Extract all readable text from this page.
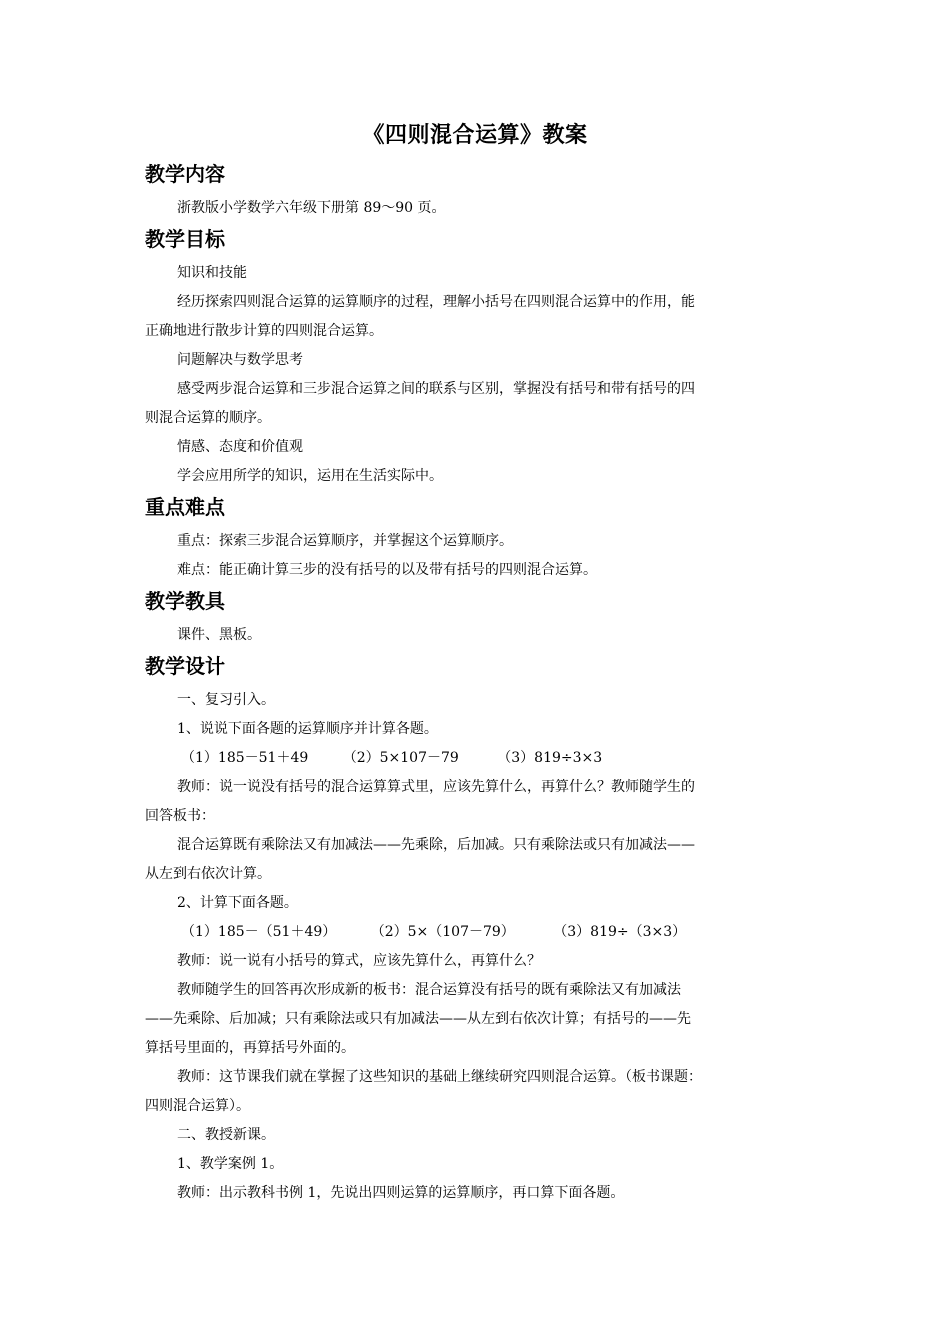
《四则混合运算》教案
教学内容
浙教版小学数学六年级下册第 89～90 页。
教学目标
知识和技能
经历探索四则混合运算的运算顺序的过程，理解小括号在四则混合运算中的作用，能
正确地进行散步计算的四则混合运算。
问题解决与数学思考
感受两步混合运算和三步混合运算之间的联系与区别，掌握没有括号和带有括号的四
则混合运算的顺序。
情感、态度和价值观
学会应用所学的知识，运用在生活实际中。
重点难点
重点：探索三步混合运算顺序，并掌握这个运算顺序。
难点：能正确计算三步的没有括号的以及带有括号的四则混合运算。
教学教具
课件、黑板。
教学设计
一、复习引入。
1、说说下面各题的运算顺序并计算各题。
（1）185－51＋49 （2）5×107－79	（3）819÷3×3
教师：说一说没有括号的混合运算算式里，应该先算什么，再算什么？教师随学生的
回答板书：
混合运算既有乘除法又有加减法——先乘除，后加减。只有乘除法或只有加减法——
从左到右依次计算。
2、计算下面各题。
（1）185－（51＋49） （2）5×（107－79）	（3）819÷（3×3）
教师：说一说有小括号的算式，应该先算什么，再算什么？
教师随学生的回答再次形成新的板书：混合运算没有括号的既有乘除法又有加减法
——先乘除、后加减；只有乘除法或只有加减法——从左到右依次计算；有括号的——先
算括号里面的，再算括号外面的。
教师：这节课我们就在掌握了这些知识的基础上继续研究四则混合运算。（板书课题：
四则混合运算）。
二、教授新课。
1、教学案例 1。
教师：出示教科书例 1，先说出四则运算的运算顺序，再口算下面各题。
